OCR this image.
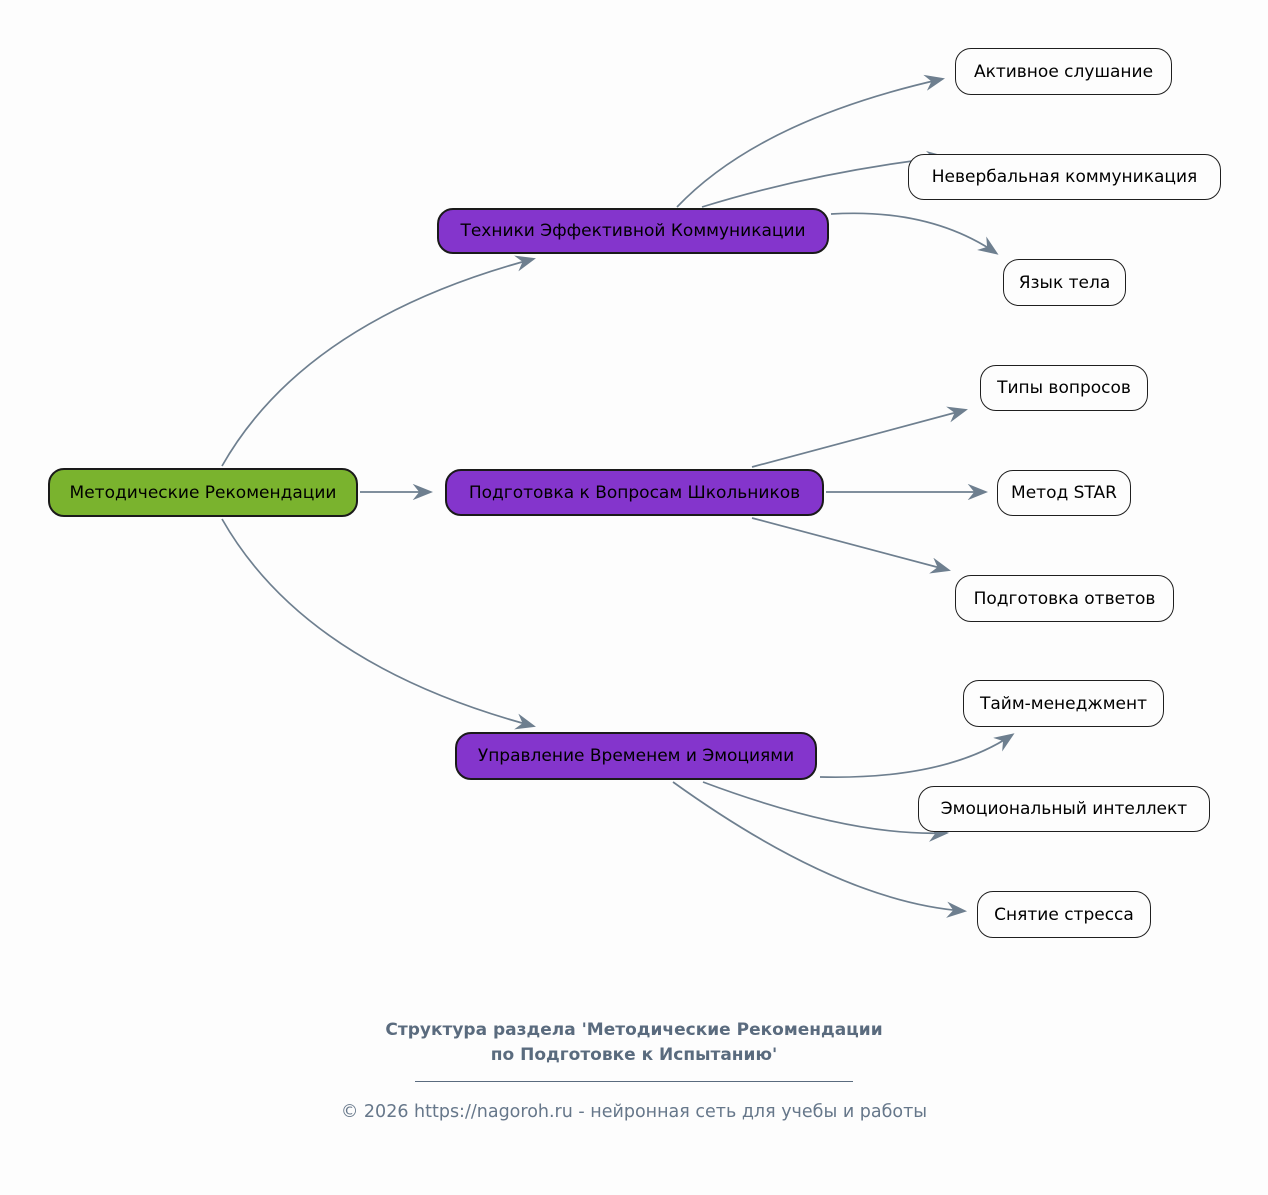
Методические Рекомендации
Техники Эффективной Коммуникации
Подготовка к Вопросам Школьников
Управление Временем и Эмоциями
Активное слушание
Невербальная коммуникация
Язык тела
Типы вопросов
Метод STAR
Подготовка ответов
Тайм-менеджмент
Эмоциональный интеллект
Снятие стресса
Структура раздела 'Методические Рекомендации
по Подготовке к Испытанию'
© 2026 https://nagoroh.ru - нейронная сеть для учебы и работы
